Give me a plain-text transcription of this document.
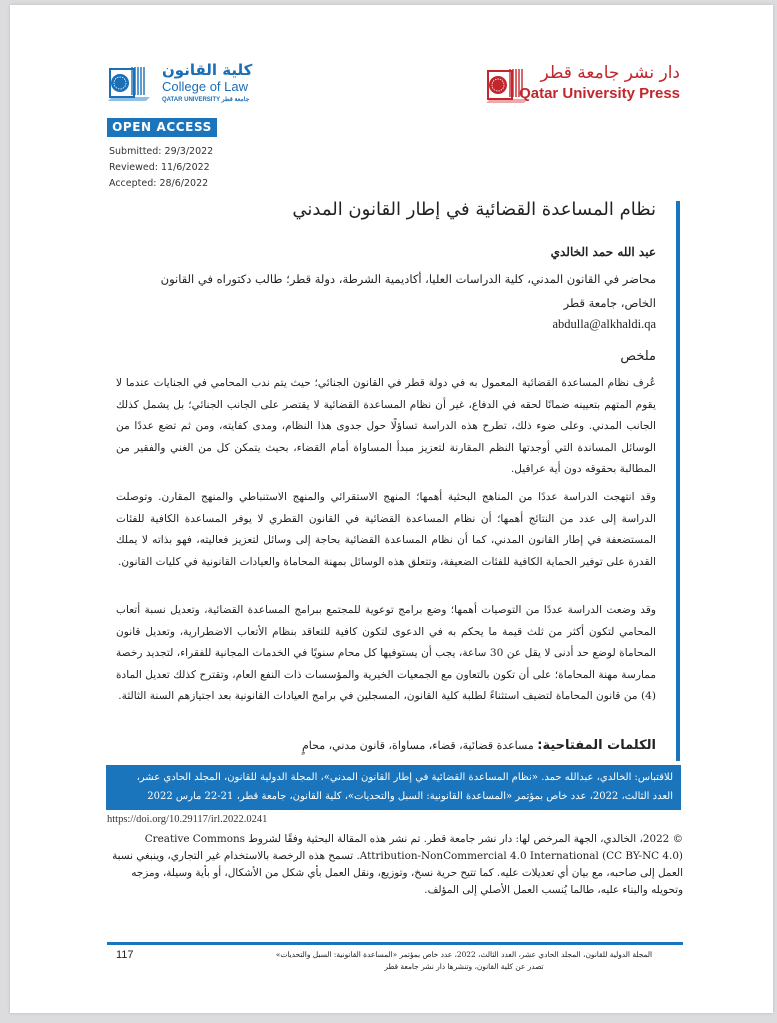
كلية القانون
College of Law
QATAR UNIVERSITY جامعة قطر
دار نشر جامعة قطر
Qatar University Press
OPEN ACCESS
Submitted: 29/3/2022
Reviewed: 11/6/2022
Accepted: 28/6/2022
نظام المساعدة القضائية في إطار القانون المدني
عبد الله حمد الخالدي
محاضر في القانون المدني، كلية الدراسات العليا، أكاديمية الشرطة، دولة قطر؛ طالب دكتوراه في القانون الخاص، جامعة قطر
abdulla@alkhaldi.qa
ملخص
عُرف نظام المساعدة القضائية المعمول به في دولة قطر في القانون الجنائي؛ حيث يتم ندب المحامي في الجنايات عندما لا يقوم المتهم بتعيينه ضمانًا لحقه في الدفاع، غير أن نظام المساعدة القضائية لا يقتصر على الجانب الجنائي؛ بل يشمل كذلك الجانب المدني. وعلى ضوء ذلك، تطرح هذه الدراسة تساؤلًا حول جدوى هذا النظام، ومدى كفايته، ومن ثم تضع عددًا من الوسائل المساندة التي أوجدتها النظم المقارنة لتعزيز مبدأ المساواة أمام القضاء، بحيث يتمكن كل من الغني والفقير من المطالبة بحقوقه دون أية عراقيل.
وقد انتهجت الدراسة عددًا من المناهج البحثية أهمها؛ المنهج الاستقرائي والمنهج الاستنباطي والمنهج المقارن. وتوصلت الدراسة إلى عدد من النتائج أهمها؛ أن نظام المساعدة القضائية في القانون القطري لا يوفر المساعدة الكافية للفئات المستضعفة في إطار القانون المدني، كما أن نظام المساعدة القضائية بحاجة إلى وسائل لتعزيز فعاليته، فهو بذاته لا يملك القدرة على توفير الحماية الكافية للفئات الضعيفة، وتتعلق هذه الوسائل بمهنة المحاماة والعيادات القانونية في كليات القانون.
وقد وضعت الدراسة عددًا من التوصيات أهمها؛ وضع برامج توعوية للمجتمع ببرامج المساعدة القضائية، وتعديل نسبة أتعاب المحامي لتكون أكثر من ثلث قيمة ما يحكم به في الدعوى لتكون كافية للتعاقد بنظام الأتعاب الاضطرارية، وتعديل قانون المحاماة لوضع حد أدنى لا يقل عن 30 ساعة، يجب أن يستوفيها كل محام سنويًا في الخدمات المجانية للفقراء، لتجديد رخصة ممارسة مهنة المحاماة؛ على أن تكون بالتعاون مع الجمعيات الخيرية والمؤسسات ذات النفع العام، وتقترح كذلك تعديل المادة (4) من قانون المحاماة لتضيف استثناءً لطلبة كلية القانون، المسجلين في برامج العيادات القانونية بعد اجتيازهم السنة الثالثة.
الكلمات المفتاحية: مساعدة قضائية، قضاء، مساواة، قانون مدني، محامٍ
للاقتباس: الخالدي، عبدالله حمد. «نظام المساعدة القضائية في إطار القانون المدني»، المجلة الدولية للقانون، المجلد الحادي عشر، العدد الثالث، 2022، عدد خاص بمؤتمر «المساعدة القانونية: السبل والتحديات»، كلية القانون، جامعة قطر، 21-22 مارس 2022
https://doi.org/10.29117/irl.2022.0241
© 2022، الخالدي، الجهة المرخص لها: دار نشر جامعة قطر. تم نشر هذه المقالة البحثية وفقًا لشروط Creative Commons Attribution-NonCommercial 4.0 International (CC BY-NC 4.0). تسمح هذه الرخصة بالاستخدام غير التجاري، وينبغي نسبة العمل إلى صاحبه، مع بيان أي تعديلات عليه. كما تتيح حرية نسخ، وتوزيع، ونقل العمل بأي شكل من الأشكال، أو بأية وسيلة، ومزجه وتحويله والبناء عليه، طالما يُنسب العمل الأصلي إلى المؤلف.
117	المجلة الدولية للقانون، المجلد الحادي عشر، العدد الثالث، 2022، عدد خاص بمؤتمر «المساعدة القانونية: السبل والتحديات»
تصدر عن كلية القانون، وتنشرها دار نشر جامعة قطر
